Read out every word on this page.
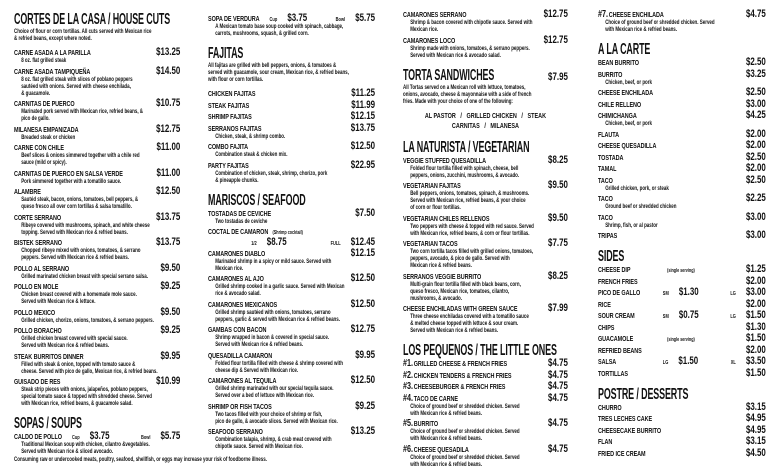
CORTES DE LA CASA / HOUSE CUTS
Choice of flour or corn tortillas. All cuts served with Mexican rice
& refried beans, except where noted.
CARNE ASADA A LA PARILLA	$13.25
8 oz. flat grilled steak
CARNE ASADA TAMPIQUEÑA	$14.50
8 oz. flat grilled steak with slices of poblano peppers
sautéed with onions. Served with cheese enchilada,
& guacamole.
CARNITAS DE PUERCO	$10.75
Marinated pork served with Mexican rice, refried beans, &
pico de gallo.
MILANESA EMPANIZADA	$12.75
Breaded steak or chicken
CARNE CON CHILE	$11.00
Beef slices & onions simmered together with a chile red
sauce (mild or spicy).
CARNITAS DE PUERCO EN SALSA VERDE	$11.00
Pork simmered together with a tomatillo sauce.
ALAMBRE	$12.50
Sautéd steak, bacon, onions, tomatoes, bell peppers, &
queso fresco all over corn tortillas & salsa tomatillo.
CORTE SERRANO	$13.75
Ribeye covered with mushrooms, spinach, and white cheese
topping. Served with Mexican rice & refried beans.
BISTEK SERRANO	$13.75
Chopped ribeye mixed with onions, tomatoes, & serrano
peppers. Served with Mexican rice & refried beans.
POLLO AL SERRANO	$9.50
Grilled marinated chicken breast with special serrano salsa.
POLLO EN MOLE	$9.25
Chicken breast covered with a homemade mole sauce.
Served with Mexican rice & lettuce.
POLLO MEXICO	$9.50
Grilled chicken, chorizo, onions, tomatoes, & serrano peppers.
POLLO BORACHO	$9.25
Grilled chicken breast covered with special sauce.
Served with Mexican rice & refried beans.
STEAK BURRITOS DINNER	$9.95
Filled with steak & onion, topped with tomato sauce &
cheese. Served with pico de gallo, Mexican rice, & refried beans.
GUISADO DE RES	$10.99
Steak strip pieces with onions, jalapeños, poblano peppers,
special tomato sauce & topped with shredded cheese. Served
with Mexican rice, refried beans, & guacamole salad.
SOPAS / SOUPS
CALDO DE POLLO Cup $3.75	Bowl $5.75
Traditional Mexican soup with chicken, cilantro &vegetables.
Served with Mexican rice & sliced avocado.
SOPA DE VERDURA Cup $3.75	Bowl $5.75
A Mexican tomato base soup cooked with spinach, cabbage,
carrots, mushrooms, squash, & grilled corn.
FAJITAS
All fajitas are grilled with bell peppers, onions, & tomatoes &
served with guacamole, sour cream, Mexican rice, & refried beans,
with flour or corn tortillas.
CHICKEN FAJITAS	$11.25
STEAK FAJITAS	$11.99
SHRIMP FAJITAS	$12.15
SERRANOS FAJITAS	$13.75
Chicken, steak, & shrimp combo.
COMBO FAJITA	$12.50
Combination steak & chicken mix.
PARTY FAJITAS	$22.95
Combination of chicken, steak, shrimp, chorizo, pork
& pineapple chunks.
MARISCOS / SEAFOOD
TOSTADAS DE CEVICHE	$7.50
Two tostadas de ceviche
COCTAL DE CAMARON (Shrimp cocktail)
1/2 $8.75	FULL $12.45
CAMARONES DIABLO	$12.15
Marinated shrimp in a spicy or mild sauce. Served with
Mexican rice.
CAMARONES AL AJO	$12.50
Grilled shrimp cooked in a garlic sauce. Served with Mexican
rice & avocado salad.
CAMARONES MEXICANOS	$12.50
Grilled shrimp sautéed with onions, tomatoes, serrano
peppers, garlic & served with Mexican rice & refried beans.
GAMBAS CON BACON	$12.75
Shrimp wrapped in bacon & covered in special sauce.
Served with Mexican rice & refried beans.
QUESADILLA CAMARON	$9.95
Folded flour tortilla filled with cheese & shrimp covered with
cheese dip & Served with Mexican rice.
CAMARONES AL TEQUILA	$12.50
Grilled shrimp marinated with our special tequila sauce.
Served over a bed of lettuce with Mexican rice.
SHRIMP OR FISH TACOS	$9.25
Two tacos filled with your choice of shrimp or fish,
pico de gallo, & avocado slices. Served with Mexican rice.
SEAFOOD SERRANO	$13.25
Combination talapia, shrimp, & crab meat covered with
chipotle sauce. Served with Mexican rice.
CAMARONES SERRANO	$12.75
Shrimp & bacon covered with chipotle sauce. Served with
Mexican rice.
CAMARONES LOCO	$12.75
Shrimp made with onions, tomatoes, & serrano peppers.
Served with Mexican rice & avocado salad.
TORTA SANDWICHES	$7.95
All Tortas served on a Mexican roll with lettuce, tomatoes,
onions, avocado, cheese & mayonnaise with a side of french
fries. Made with your choice of one of the following:
AL PASTOR   /   GRILLED CHICKEN   /   STEAK
CARNITAS   /   MILANESA
LA NATURISTA / VEGETARIAN
VEGGIE STUFFED QUESADILLA	$8.25
Folded flour tortilla filled with spinach, cheese, bell
peppers, onions, zucchini, mushrooms, & avocado.
VEGETARIAN FAJITAS	$9.50
Bell peppers, onions, tomatoes, spinach, & mushrooms.
Served with Mexican rice, refried beans, & your choice
of corn or flour tortillas.
VEGETARIAN CHILES RELLENOS	$9.50
Two peppers with cheese & topped with red sauce. Served
with Mexican rice, refried beans, & corn or flour tortillas.
VEGETARIAN TACOS	$7.75
Two corn tortilla tacos filled with grilled onions, tomatoes,
peppers, avocado, & pico de gallo. Served with
Mexican rice & refried beans.
SERRANOS VEGGIE BURRITO	$8.25
Multi-grain flour tortilla filled with black beans, corn,
queso fresco, Mexican rice, tomatoes, cilantro,
mushrooms, & avocado.
CHEESE ENCHILADAS WITH GREEN SAUCE	$7.99
Three cheese enchiladas covered with a tomatillo sauce
& melted cheese topped with lettuce & sour cream.
Served with Mexican rice & refried beans.
LOS PEQUENOS / THE LITTLE ONES
#1. GRILLED CHEESE & FRENCH FRIES	$4.75
#2. CHICKEN TENDERS & FRENCH FRIES	$4.75
#3. CHEESEBURGER & FRENCH FRIES	$4.75
#4. TACO DE CARNE	$4.75
Choice of ground beef or shredded chicken. Served
with Mexican rice & refried beans.
#5. BURRITO	$4.75
Choice of ground beef or shredded chicken. Served
with Mexican rice & refried beans.
#6. CHEESE QUESADILA	$4.75
Choice of ground beef or shredded chicken. Served
with Mexican rice & refried beans.
#7. CHEESE ENCHILADA	$4.75
Choice of ground beef or shredded chicken. Served
with Mexican rice & refried beans.
A LA CARTE
BEAN BURRITO	$2.50
BURRITO	$3.25
Chicken, beef, or pork
CHEESE ENCHILADA	$2.50
CHILE RELLENO	$3.00
CHIMICHANGA	$4.25
Chicken, beef, or pork
FLAUTA	$2.00
CHEESE QUESADILLA	$2.00
TOSTADA	$2.50
TAMAL	$2.00
TACO	$2.50
Grilled chicken, pork, or steak
TACO	$2.25
Ground beef or shredded chicken
TACO	$3.00
Shrimp, fish, or al pastor
TRIPAS	$3.00
SIDES
CHEESE DIP	(single serving)	$1.25
FRENCH FRIES	$2.00
PICO DE GALLO	SM $1.30	LG $3.00
RICE	$2.00
SOUR CREAM	SM $0.75	LG $1.50
CHIPS	$1.30
GUACAMOLE	(single serving)	$1.50
REFRIED BEANS	$2.00
SALSA	LG $1.50	XL $3.50
TORTILLAS	$1.50
POSTRE / DESSERTS
CHURRO	$3.15
TRES LECHES CAKE	$4.95
CHEESECAKE BURRITO	$4.95
FLAN	$3.15
FRIED ICE CREAM	$4.50
Consuming raw or undercooked meats, poultry, seafood, shellfish, or eggs may increase your risk of foodborne illness.
